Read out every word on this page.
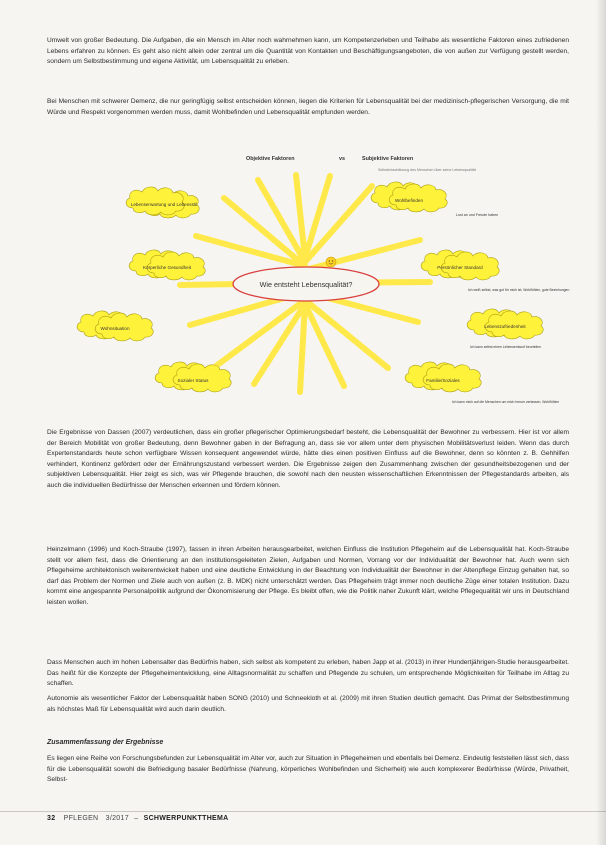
Umwelt von großer Bedeutung. Die Aufgaben, die ein Mensch im Alter noch wahrnehmen kann, um Kompetenzerleben und Teilhabe als wesentliche Faktoren eines zufriedenen Lebens erfahren zu können. Es geht also nicht allein oder zentral um die Quantität von Kontakten und Beschäftigungsangeboten, die von außen zur Verfügung gestellt werden, sondern um Selbstbestimmung und eigene Aktivität, um Lebensqualität zu erleben.

Bei Menschen mit schwerer Demenz, die nur geringfügig selbst entscheiden können, liegen die Kriterien für Lebensqualität bei der medizinisch-pflegerischen Versorgung, die mit Würde und Respekt vorgenommen werden muss, damit Wohlbefinden und Lebensqualität empfunden werden.

Objektive Faktoren	vs	Subjektive Faktoren
Selbsteinschätzung des Menschen über seine Lebensqualität
Wie entsteht Lebensqualität?
Lebenserwartung und Lebensstil
Körperliche Gesundheit
Wohnsituation
Sozialer Status
Wohlbefinden
Lust an und Freude haben
Persönlicher Standard
Ich weiß selbst, was gut für mich ist; Wohlfühlen, gute Beziehungen
Lebenszufriedenheit
Ich kann selbst einen Lebensentwurf beurteilen
Familie/Soziales
Ich kann mich auf die Menschen um mich herum verlassen, Wohlfühlen

Die Ergebnisse von Dassen (2007) verdeutlichen, dass ein großer pflegerischer Optimierungsbedarf besteht, die Lebensqualität der Bewohner zu verbessern. Hier ist vor allem der Bereich Mobilität von großer Bedeutung, denn Bewohner gaben in der Befragung an, dass sie vor allem unter dem physischen Mobilitätsverlust leiden. Wenn das durch Expertenstandards heute schon verfügbare Wissen konsequent angewendet würde, hätte dies einen positiven Einfluss auf die Bewohner, denn so könnten z. B. Gehhilfen verhindert, Kontinenz gefördert oder der Ernährungszustand verbessert werden. Die Ergebnisse zeigen den Zusammenhang zwischen der gesundheitsbezogenen und der subjektiven Lebensqualität. Hier zeigt es sich, was wir Pflegende brauchen, die sowohl nach den neusten wissenschaftlichen Erkenntnissen der Pflegestandards arbeiten, als auch die individuellen Bedürfnisse der Menschen erkennen und fördern können.

Heinzelmann (1996) und Koch-Straube (1997), fassen in ihren Arbeiten herausgearbeitet, welchen Einfluss die Institution Pflegeheim auf die Lebensqualität hat. Koch-Straube stellt vor allem fest, dass die Orientierung an den institutionsgeleiteten Zielen, Aufgaben und Normen, Vorrang vor der Individualität der Bewohner hat. Auch wenn sich Pflegeheime architektonisch weiterentwickelt haben und eine deutliche Entwicklung in der Beachtung von Individualität der Bewohner in der Altenpflege Einzug gehalten hat, so darf das Problem der Normen und Ziele auch von außen (z. B. MDK) nicht unterschätzt werden. Das Pflegeheim trägt immer noch deutliche Züge einer totalen Institution. Dazu kommt eine angespannte Personalpolitik aufgrund der Ökonomisierung der Pflege. Es bleibt offen, wie die Politik naher Zukunft klärt, welche Pflegequalität wir uns in Deutschland leisten wollen.

Dass Menschen auch im hohen Lebensalter das Bedürfnis haben, sich selbst als kompetent zu erleben, haben Japp et al. (2013) in ihrer Hundertjährigen-Studie herausgearbeitet. Das heißt für die Konzepte der Pflegeheimentwicklung, eine Alltagsnormalität zu schaffen und Pflegende zu schulen, um entsprechende Möglichkeiten für Teilhabe im Alltag zu schaffen.

Autonomie als wesentlicher Faktor der Lebensqualität haben SONG (2010) und Schneekloth et al. (2009) mit ihren Studien deutlich gemacht. Das Primat der Selbstbestimmung als höchstes Maß für Lebensqualität wird auch darin deutlich.

Zusammenfassung der Ergebnisse

Es liegen eine Reihe von Forschungsbefunden zur Lebensqualität im Alter vor, auch zur Situation in Pflegeheimen und ebenfalls bei Demenz. Eindeutig feststellen lässt sich, dass für die Lebensqualität sowohl die Befriedigung basaler Bedürfnisse (Nahrung, körperliches Wohlbefinden und Sicherheit) wie auch komplexerer Bedürfnisse (Würde, Privatheit, Selbst-

32 PFLEGEN 3/2017 – SCHWERPUNKTTHEMA
